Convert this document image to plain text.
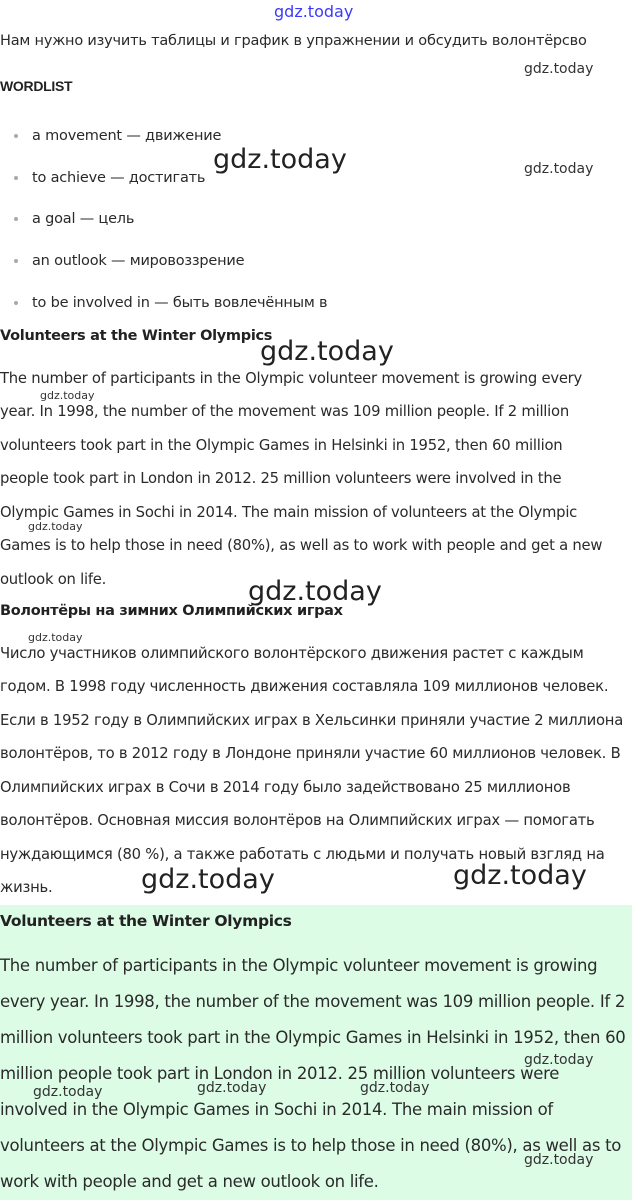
Нам нужно изучить таблицы и график в упражнении и обсудить волонтёрсво
WORDLIST
a movement — движение
to achieve — достигать
a goal — цель
an outlook — мировоззрение
to be involved in — быть вовлечённым в
Volunteers at the Winter Olympics
The number of participants in the Olympic volunteer movement is growing every
year. In 1998, the number of the movement was 109 million people. If 2 million
volunteers took part in the Olympic Games in Helsinki in 1952, then 60 million
people took part in London in 2012. 25 million volunteers were involved in the
Olympic Games in Sochi in 2014. The main mission of volunteers at the Olympic
Games is to help those in need (80%), as well as to work with people and get a new
outlook on life.
Волонтёры на зимних Олимпийских играх
Число участников олимпийского волонтёрского движения растет с каждым
годом. В 1998 году численность движения составляла 109 миллионов человек.
Если в 1952 году в Олимпийских играх в Хельсинки приняли участие 2 миллиона
волонтёров, то в 2012 году в Лондоне приняли участие 60 миллионов человек. В
Олимпийских играх в Сочи в 2014 году было задействовано 25 миллионов
волонтёров. Основная миссия волонтёров на Олимпийских играх — помогать
нуждающимся (80 %), а также работать с людьми и получать новый взгляд на
жизнь.
Volunteers at the Winter Olympics
The number of participants in the Olympic volunteer movement is growing
every year. In 1998, the number of the movement was 109 million people. If 2
million volunteers took part in the Olympic Games in Helsinki in 1952, then 60
million people took part in London in 2012. 25 million volunteers were
involved in the Olympic Games in Sochi in 2014. The main mission of
volunteers at the Olympic Games is to help those in need (80%), as well as to
work with people and get a new outlook on life.
gdz.today
gdz.today
gdz.today	gdz.today
gdz.today
gdz.today
gdz.today
gdz.today
gdz.today
gdz.today	gdz.today
gdz.today
gdz.today	gdz.today	gdz.today
gdz.today
